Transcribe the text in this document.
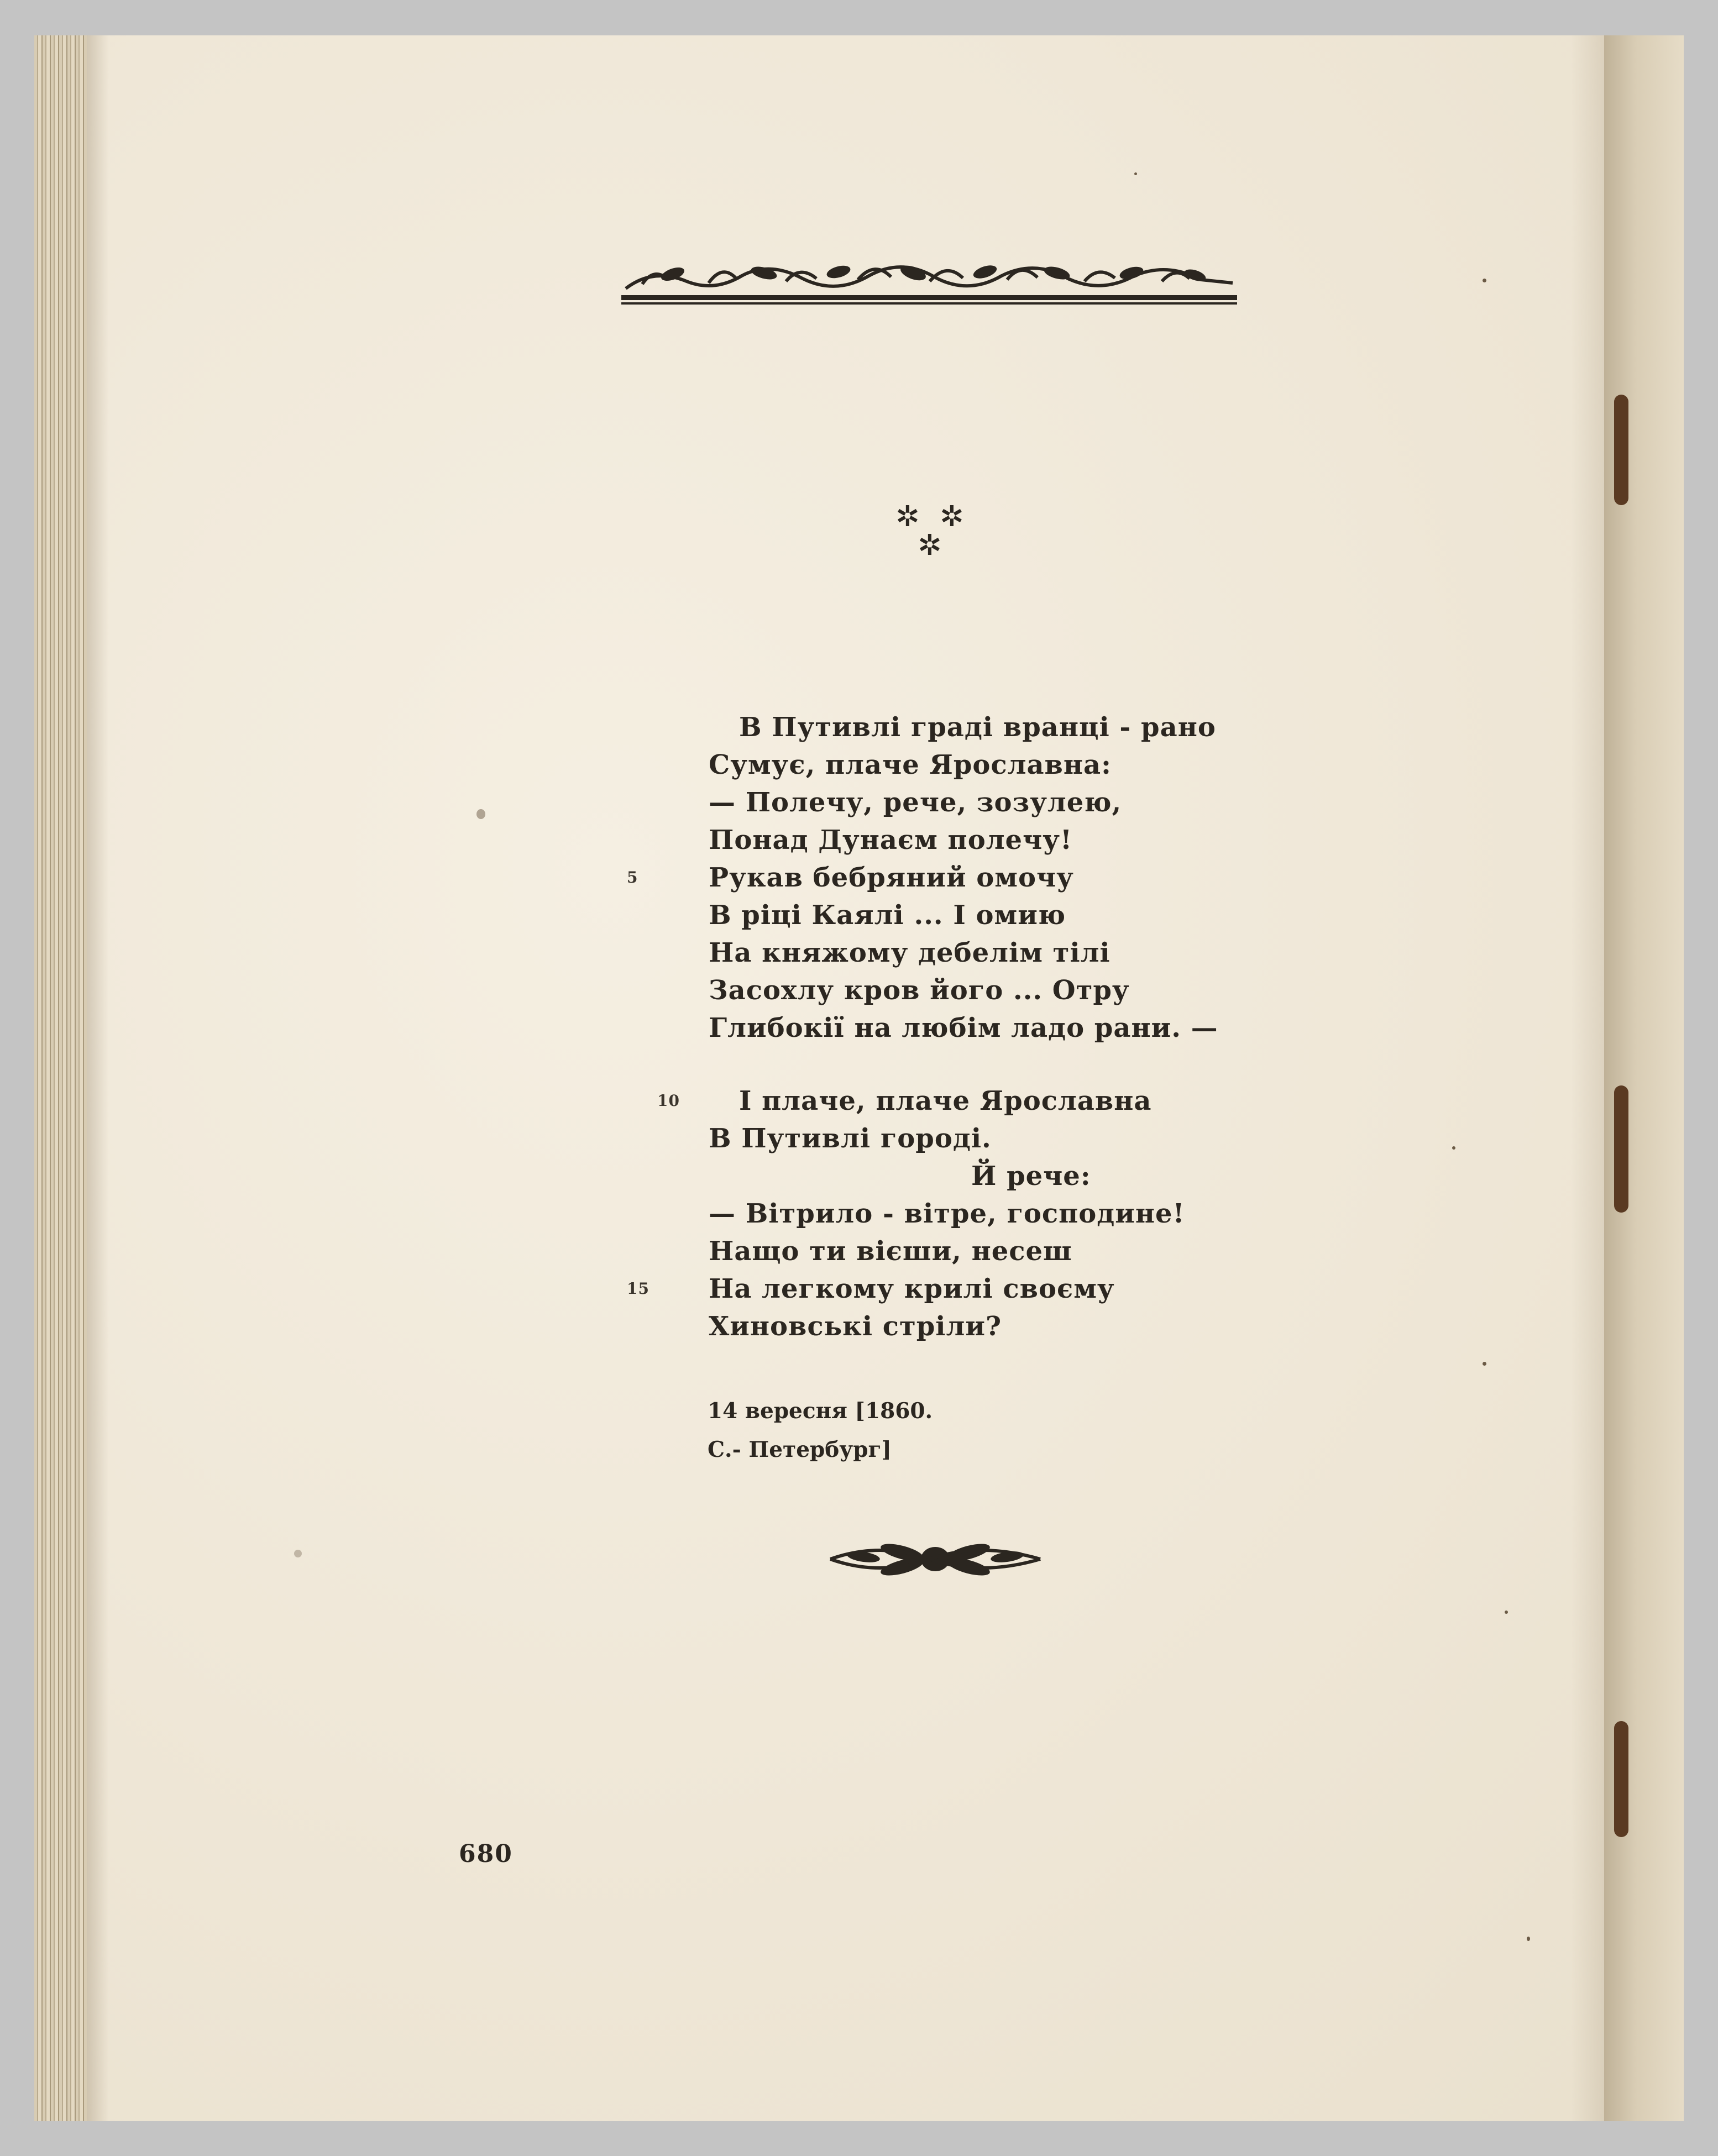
✲ ✲
✲
В Путивлі граді вранці - рано
Сумує, плаче Ярославна:
— Полечу, рече, зозулею,
Понад Дунаєм полечу!
5	Рукав бебряний омочу
В ріці Каялі ... І омию
На княжому дебелім тілі
Засохлу кров його ... Отру
Глибокії на любім ладо рани. —
10 І плаче, плаче Ярославна
В Путивлі городі.
Й рече:
— Вітрило - вітре, господине!
Нащо ти вієши, несеш
15 На легкому крилі своєму
Хиновські стріли?
14 вересня [1860.
С.- Петербург]
680
